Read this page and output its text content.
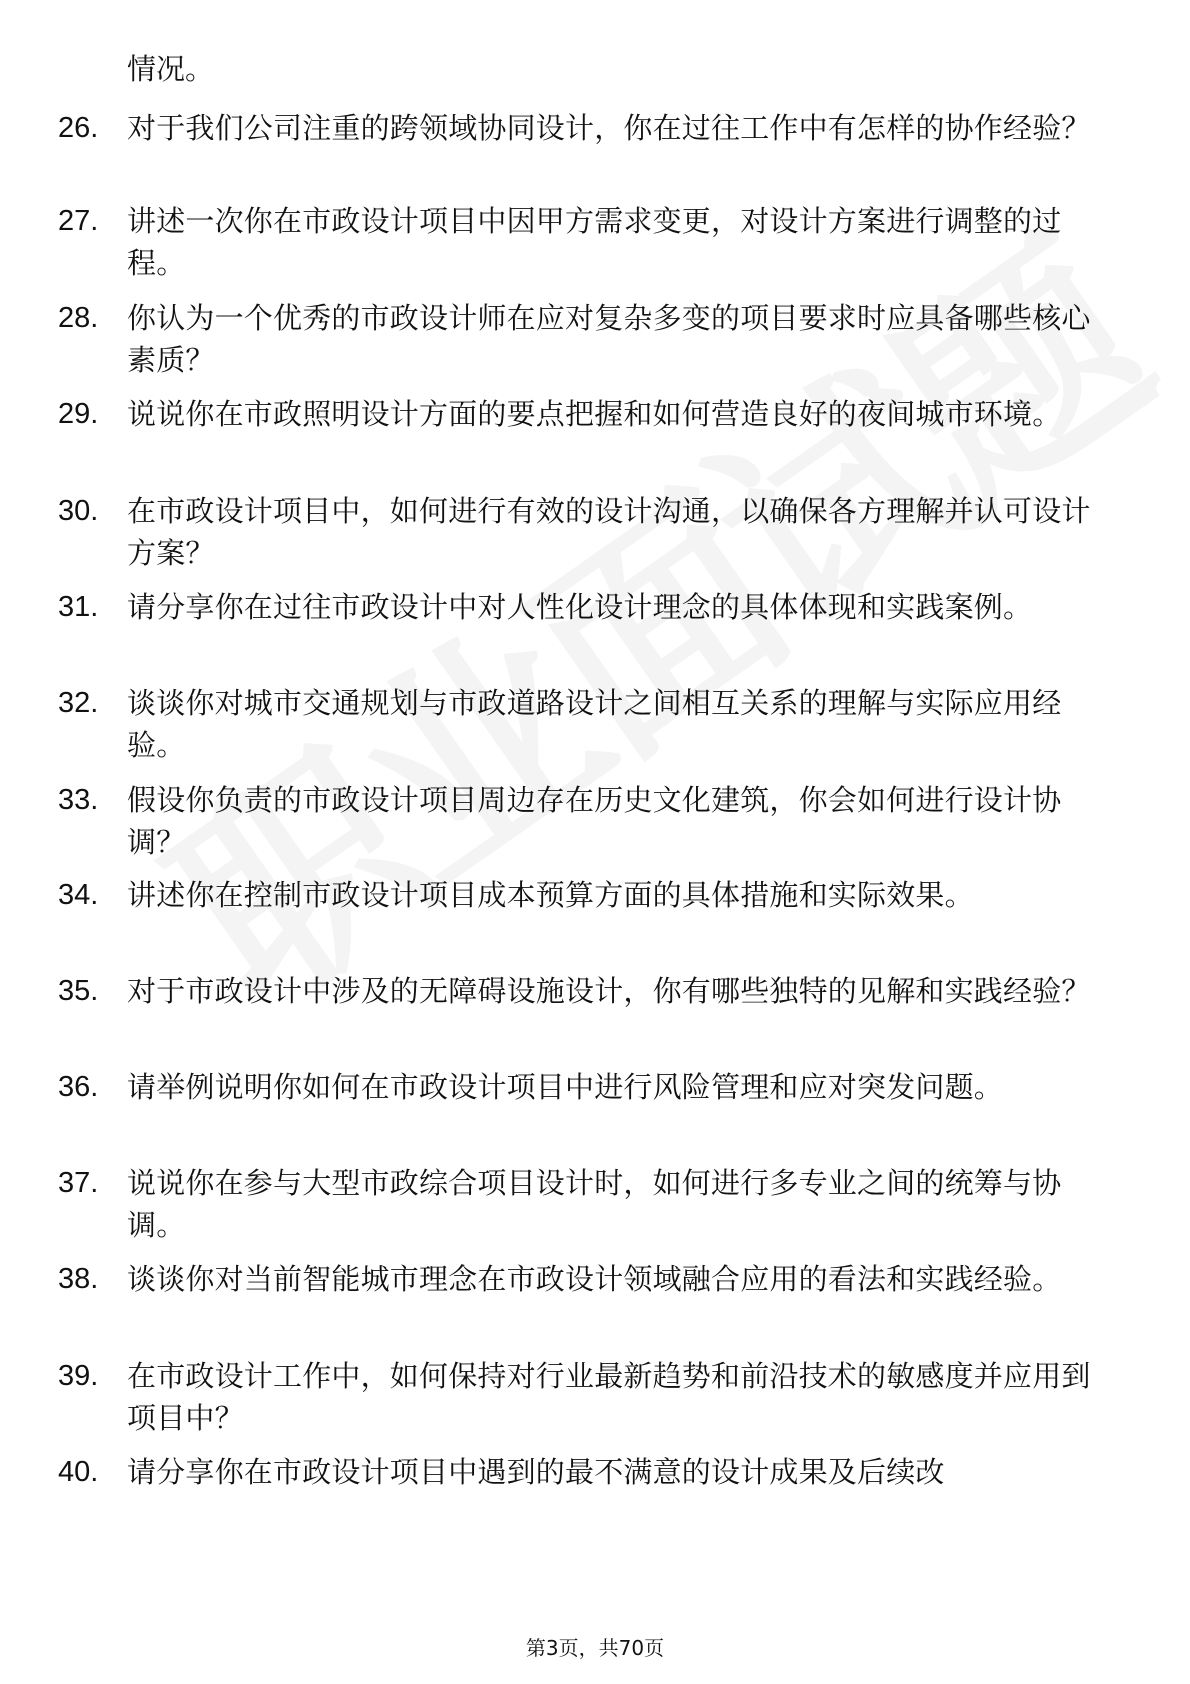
情况。
26. 对于我们公司注重的跨领域协同设计，你在过往工作中有怎样的协作经验？
27. 讲述一次你在市政设计项目中因甲方需求变更，对设计方案进行调整的过程。
28. 你认为一个优秀的市政设计师在应对复杂多变的项目要求时应具备哪些核心素质？
29. 说说你在市政照明设计方面的要点把握和如何营造良好的夜间城市环境。
30. 在市政设计项目中，如何进行有效的设计沟通，以确保各方理解并认可设计方案？
31. 请分享你在过往市政设计中对人性化设计理念的具体体现和实践案例。
32. 谈谈你对城市交通规划与市政道路设计之间相互关系的理解与实际应用经验。
33. 假设你负责的市政设计项目周边存在历史文化建筑，你会如何进行设计协调？
34. 讲述你在控制市政设计项目成本预算方面的具体措施和实际效果。
35. 对于市政设计中涉及的无障碍设施设计，你有哪些独特的见解和实践经验？
36. 请举例说明你如何在市政设计项目中进行风险管理和应对突发问题。
37. 说说你在参与大型市政综合项目设计时，如何进行多专业之间的统筹与协调。
38. 谈谈你对当前智能城市理念在市政设计领域融合应用的看法和实践经验。
39. 在市政设计工作中，如何保持对行业最新趋势和前沿技术的敏感度并应用到项目中？
40. 请分享你在市政设计项目中遇到的最不满意的设计成果及后续改
第3页，共70页
